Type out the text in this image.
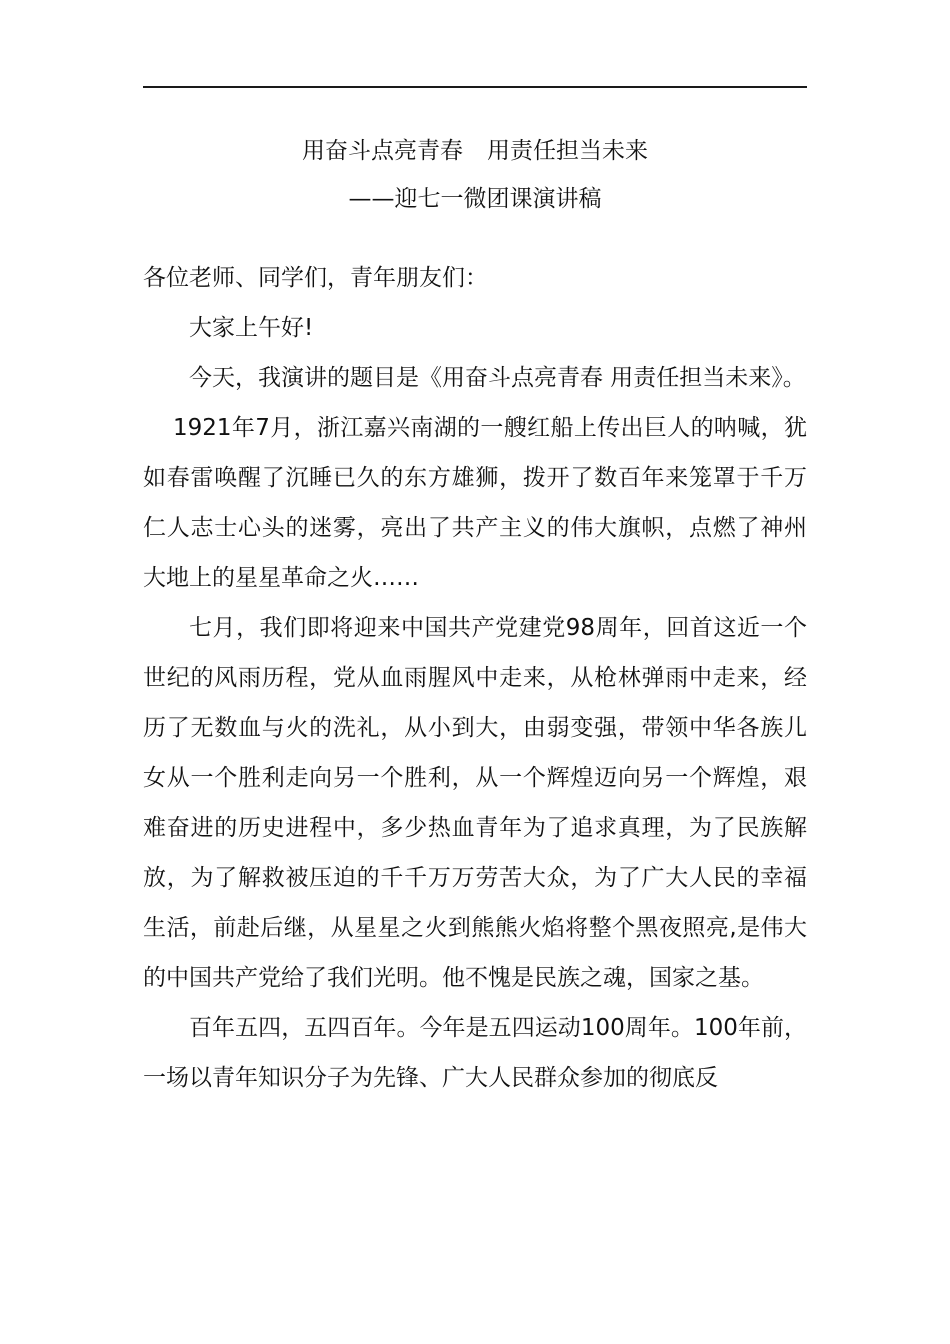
用奋斗点亮青春 用责任担当未来
——迎七一微团课演讲稿

各位老师、同学们，青年朋友们：

大家上午好!

今天，我演讲的题目是《用奋斗点亮青春 用责任担当未来》。

1921年7月，浙江嘉兴南湖的一艘红船上传出巨人的呐喊，犹如春雷唤醒了沉睡已久的东方雄狮，拨开了数百年来笼罩于千万仁人志士心头的迷雾，亮出了共产主义的伟大旗帜，点燃了神州大地上的星星革命之火……

七月，我们即将迎来中国共产党建党98周年，回首这近一个世纪的风雨历程，党从血雨腥风中走来，从枪林弹雨中走来，经历了无数血与火的洗礼，从小到大，由弱变强，带领中华各族儿女从一个胜利走向另一个胜利，从一个辉煌迈向另一个辉煌，艰难奋进的历史进程中，多少热血青年为了追求真理，为了民族解放，为了解救被压迫的千千万万劳苦大众，为了广大人民的幸福生活，前赴后继，从星星之火到熊熊火焰将整个黑夜照亮,是伟大的中国共产党给了我们光明。他不愧是民族之魂，国家之基。

百年五四，五四百年。今年是五四运动100周年。100年前，一场以青年知识分子为先锋、广大人民群众参加的彻底反
